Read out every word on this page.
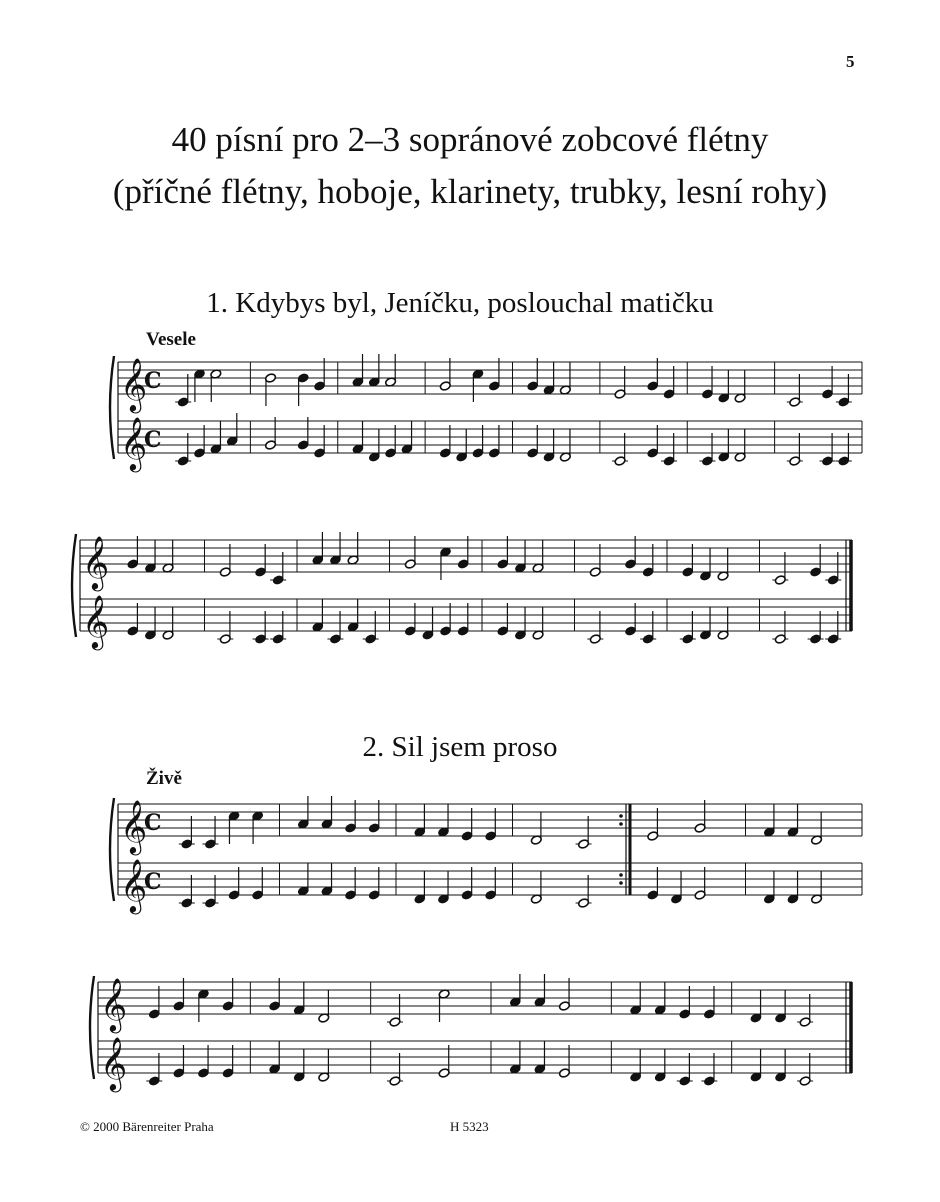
5
40 písní pro 2–3 sopránové zobcové flétny
(příčné flétny, hoboje, klarinety, trubky, lesní rohy)
1. Kdybys byl, Jeníčku, poslouchal matičku
Vesele
𝄞
𝄞
C
C
𝄞
𝄞
2. Sil jsem proso
Živě
𝄞
𝄞
C
C
𝄞
𝄞
© 2000 Bärenreiter Praha	H 5323
